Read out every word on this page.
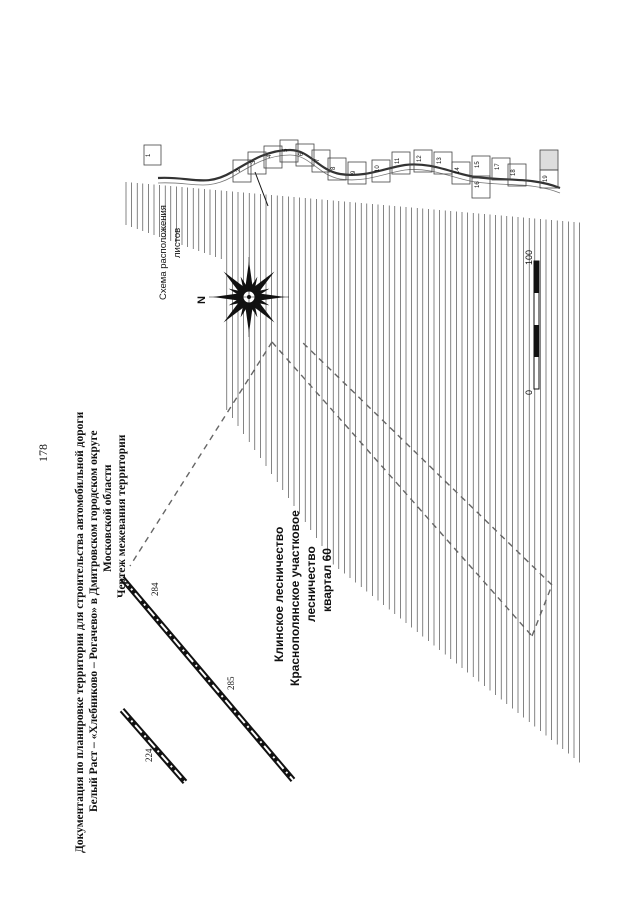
1
2
3
4
5
6
7
8
9
10
11	12 13
14
15
16
17
18
19
178 Документация по планировке территории для строительства автомобильной дороги Белый Раст – «Хлебниково – Рогачево» в Дмитровском городском округе Московской области Чертеж межевания территории	Клинское лесничество Краснополянское участковое лесничество квартал 60
224
284
285
N
0
100
Схема расположения листов
